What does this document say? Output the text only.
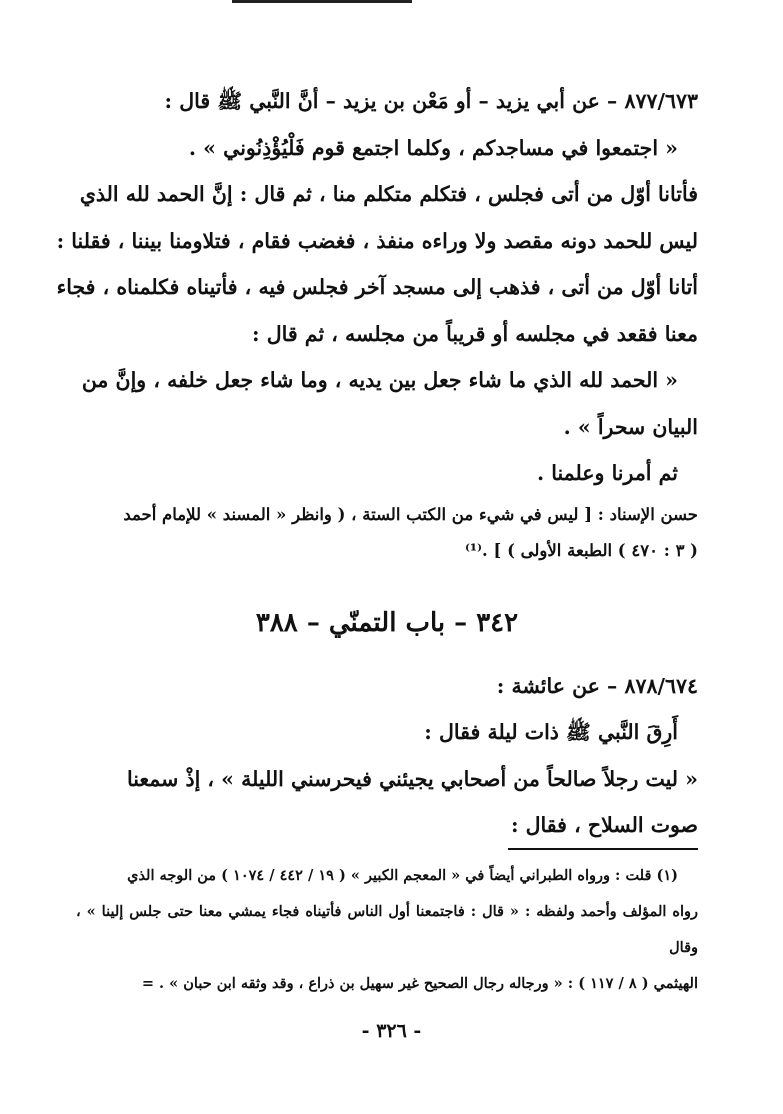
٨٧٧/٦٧٣ – عن أبي يزيد – أو مَعْن بن يزيد – أنَّ النَّبي ﷺ قال :
« اجتمعوا في مساجدكم ، وكلما اجتمع قوم فَلْيُؤْذِنُوني » .
فأتانا أوّل من أتى فجلس ، فتكلم متكلم منا ، ثم قال : إنَّ الحمد لله الذي
ليس للحمد دونه مقصد ولا وراءه منفذ ، فغضب فقام ، فتلاومنا بيننا ، فقلنا :
أتانا أوّل من أتى ، فذهب إلى مسجد آخر فجلس فيه ، فأتيناه فكلمناه ، فجاء
معنا فقعد في مجلسه أو قريباً من مجلسه ، ثم قال :
« الحمد لله الذي ما شاء جعل بين يديه ، وما شاء جعل خلفه ، وإنَّ من
البيان سحراً » .
ثم أمرنا وعلمنا .
حسن الإسناد : [ ليس في شيء من الكتب الستة ، ( وانظر « المسند » للإمام أحمد
( ٣ : ٤٧٠ ) الطبعة الأولى ) ] .⁽¹⁾
٣٤٢ – باب التمنّي – ٣٨٨
٨٧٨/٦٧٤ – عن عائشة :
أَرِقَ النَّبي ﷺ ذات ليلة فقال :
« ليت رجلاً صالحاً من أصحابي يجيئني فيحرسني الليلة » ، إذْ سمعنا
صوت السلاح ، فقال :
(١) قلت : ورواه الطبراني أيضاً في « المعجم الكبير » ( ١٩ / ٤٤٢ / ١٠٧٤ ) من الوجه الذي
رواه المؤلف وأحمد ولفظه : « قال : فاجتمعنا أول الناس فأتيناه فجاء يمشي معنا حتى جلس إلينا » ، وقال
الهيثمي ( ٨ / ١١٧ ) : « ورجاله رجال الصحيح غير سهيل بن ذراع ، وقد وثقه ابن حبان » . =
- ٣٢٦ -
